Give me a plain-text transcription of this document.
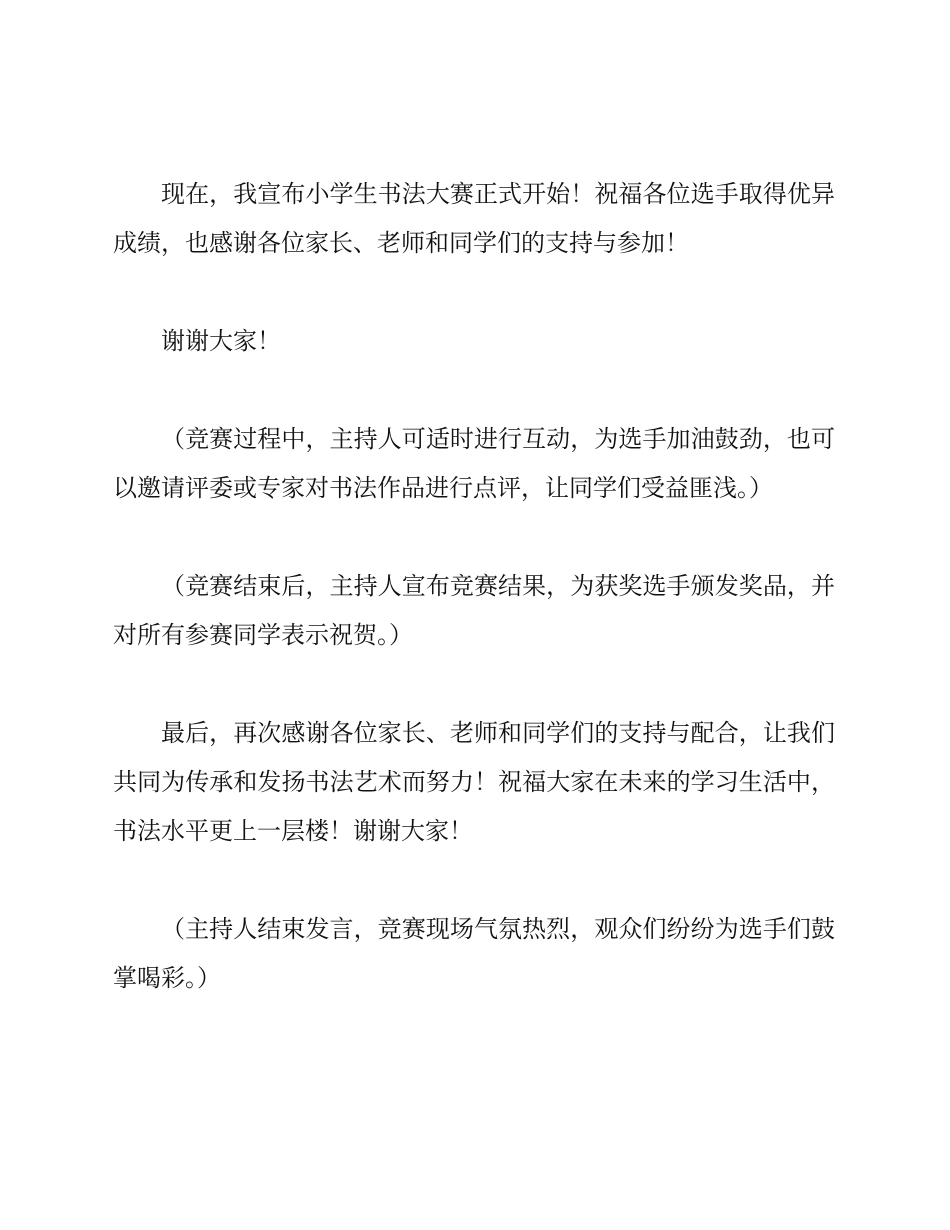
现在，我宣布小学生书法大赛正式开始！祝福各位选手取得优异成绩，也感谢各位家长、老师和同学们的支持与参加！

谢谢大家！

（竞赛过程中，主持人可适时进行互动，为选手加油鼓劲，也可以邀请评委或专家对书法作品进行点评，让同学们受益匪浅。）

（竞赛结束后，主持人宣布竞赛结果，为获奖选手颁发奖品，并对所有参赛同学表示祝贺。）

最后，再次感谢各位家长、老师和同学们的支持与配合，让我们共同为传承和发扬书法艺术而努力！祝福大家在未来的学习生活中，书法水平更上一层楼！谢谢大家！

（主持人结束发言，竞赛现场气氛热烈，观众们纷纷为选手们鼓掌喝彩。）
